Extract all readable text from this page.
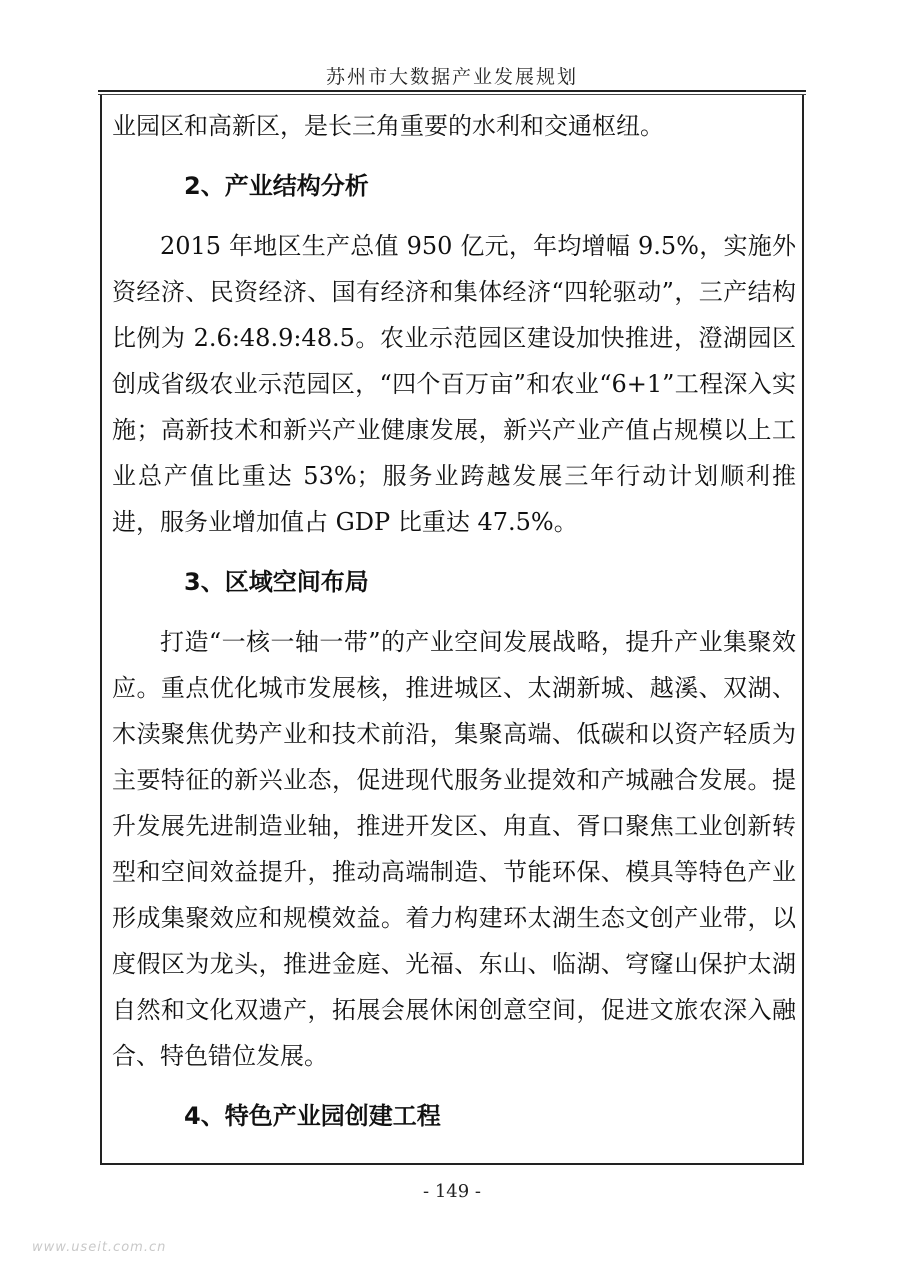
苏州市大数据产业发展规划

业园区和高新区，是长三角重要的水利和交通枢纽。

2、产业结构分析

2015 年地区生产总值 950 亿元，年均增幅 9.5%，实施外资经济、民资经济、国有经济和集体经济“四轮驱动”，三产结构比例为 2.6:48.9:48.5。农业示范园区建设加快推进，澄湖园区创成省级农业示范园区，“四个百万亩”和农业“6+1”工程深入实施；高新技术和新兴产业健康发展，新兴产业产值占规模以上工业总产值比重达 53%；服务业跨越发展三年行动计划顺利推进，服务业增加值占 GDP 比重达 47.5%。

3、区域空间布局

打造“一核一轴一带”的产业空间发展战略，提升产业集聚效应。重点优化城市发展核，推进城区、太湖新城、越溪、双湖、木渎聚焦优势产业和技术前沿，集聚高端、低碳和以资产轻质为主要特征的新兴业态，促进现代服务业提效和产城融合发展。提升发展先进制造业轴，推进开发区、甪直、胥口聚焦工业创新转型和空间效益提升，推动高端制造、节能环保、模具等特色产业形成集聚效应和规模效益。着力构建环太湖生态文创产业带，以度假区为龙头，推进金庭、光福、东山、临湖、穹窿山保护太湖自然和文化双遗产，拓展会展休闲创意空间，促进文旅农深入融合、特色错位发展。

4、特色产业园创建工程

- 149 -
www.useit.com.cn
